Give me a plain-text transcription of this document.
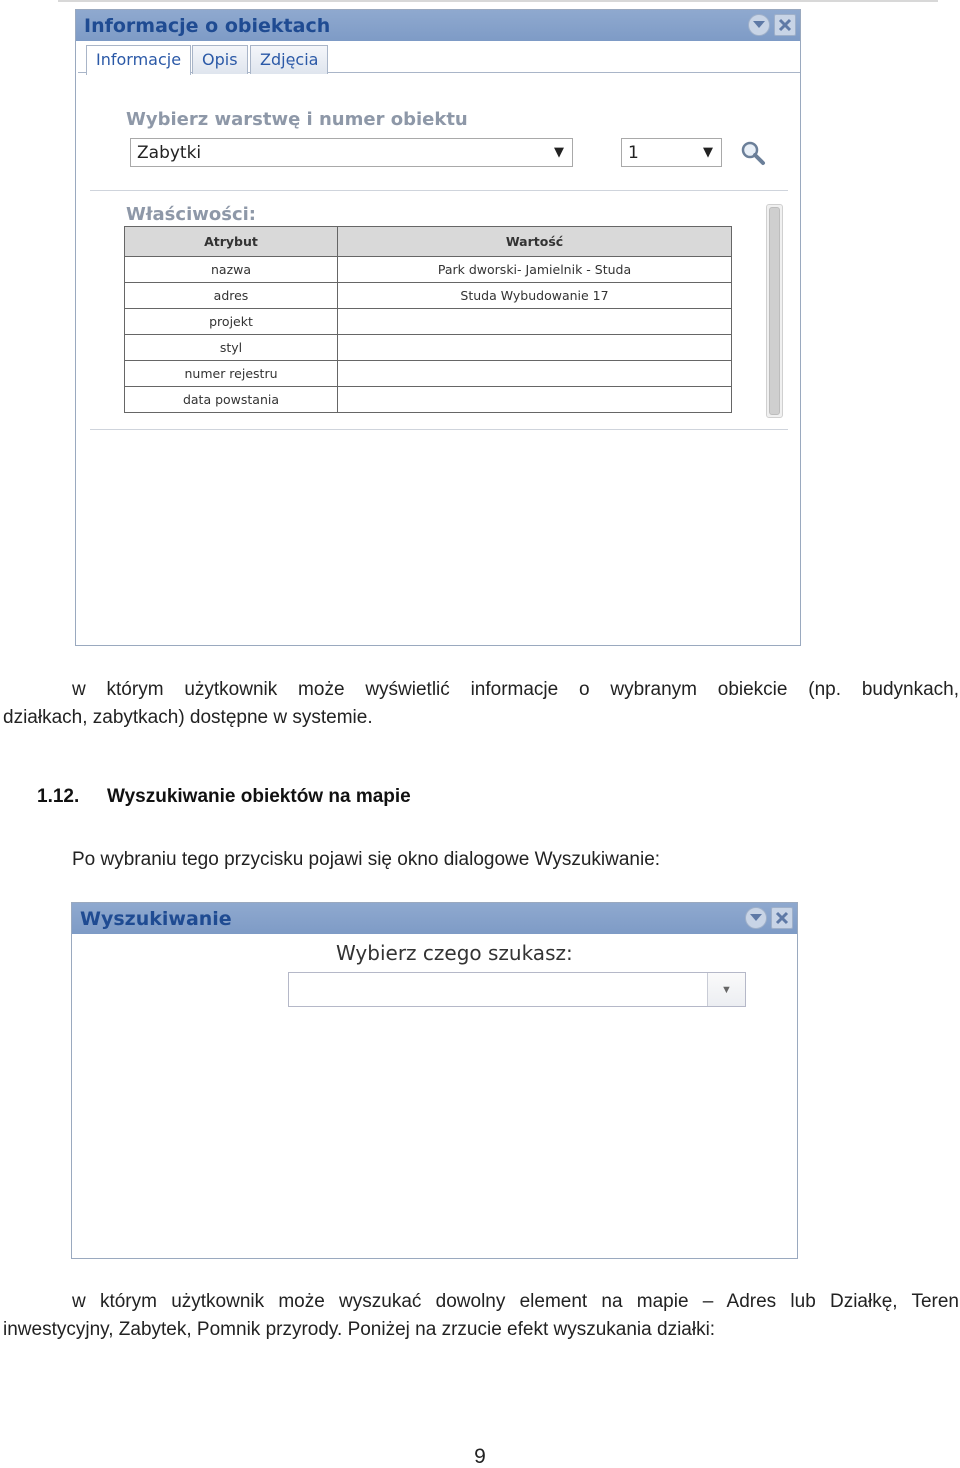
Informacje o obiektach
Informacje	Opis	Zdjęcia
Wybierz warstwę i numer obiektu
Zabytki	▼	1	▼
Właściwości:
Atrybut	Wartość
nazwa	Park dworski- Jamielnik - Studa
adres	Studa Wybudowanie 17
projekt	
styl	
numer rejestru	
data powstania	
w którym użytkownik może wyświetlić informacje o wybranym obiekcie (np. budynkach,
działkach, zabytkach) dostępne w systemie.
1.12. Wyszukiwanie obiektów na mapie
Po wybraniu tego przycisku pojawi się okno dialogowe Wyszukiwanie:
Wyszukiwanie
Wybierz czego szukasz:
▼
w którym użytkownik może wyszukać dowolny element na mapie – Adres lub Działkę, Teren
inwestycyjny, Zabytek, Pomnik przyrody. Poniżej na zrzucie efekt wyszukania działki:
9
